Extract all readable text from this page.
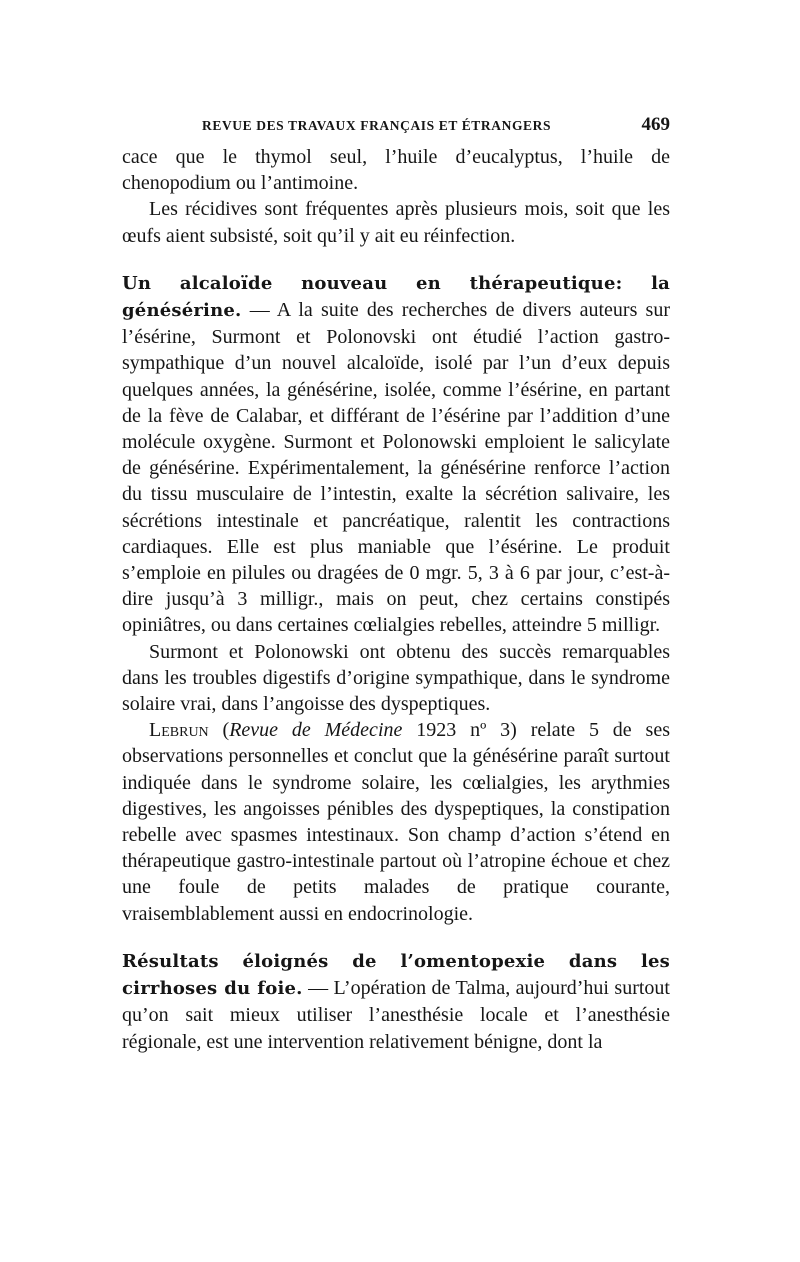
REVUE DES TRAVAUX FRANÇAIS ET ÉTRANGERS	469

cace que le thymol seul, l’huile d’eucalyptus, l’huile de chenopodium ou l’antimoine.

Les récidives sont fréquentes après plusieurs mois, soit que les œufs aient subsisté, soit qu’il y ait eu réinfection.

Un alcaloïde nouveau en thérapeutique: la génésérine. — A la suite des recherches de divers auteurs sur l’ésérine, Surmont et Polonovski ont étudié l’action gastro-sympathique d’un nouvel alcaloïde, isolé par l’un d’eux depuis quelques années, la génésérine, isolée, comme l’ésérine, en partant de la fève de Calabar, et différant de l’ésérine par l’addition d’une molécule oxygène. Surmont et Polonowski emploient le salicylate de génésérine. Expérimentalement, la génésérine renforce l’action du tissu musculaire de l’intestin, exalte la sécrétion salivaire, les sécrétions intestinale et pancréatique, ralentit les contractions cardiaques. Elle est plus maniable que l’ésérine. Le produit s’emploie en pilules ou dragées de 0 mgr. 5, 3 à 6 par jour, c’est-à-dire jusqu’à 3 milligr., mais on peut, chez certains constipés opiniâtres, ou dans certaines cœlialgies rebelles, atteindre 5 milligr.

Surmont et Polonowski ont obtenu des succès remarquables dans les troubles digestifs d’origine sympathique, dans le syndrome solaire vrai, dans l’angoisse des dyspeptiques.

Lebrun (Revue de Médecine 1923 nº 3) relate 5 de ses observations personnelles et conclut que la génésérine paraît surtout indiquée dans le syndrome solaire, les cœlialgies, les arythmies digestives, les angoisses pénibles des dyspeptiques, la constipation rebelle avec spasmes intestinaux. Son champ d’action s’étend en thérapeutique gastro-intestinale partout où l’atropine échoue et chez une foule de petits malades de pratique courante, vraisemblablement aussi en endocrinologie.

Résultats éloignés de l’omentopexie dans les cirrhoses du foie. — L’opération de Talma, aujourd’hui surtout qu’on sait mieux utiliser l’anesthésie locale et l’anesthésie régionale, est une intervention relativement bénigne, dont la
